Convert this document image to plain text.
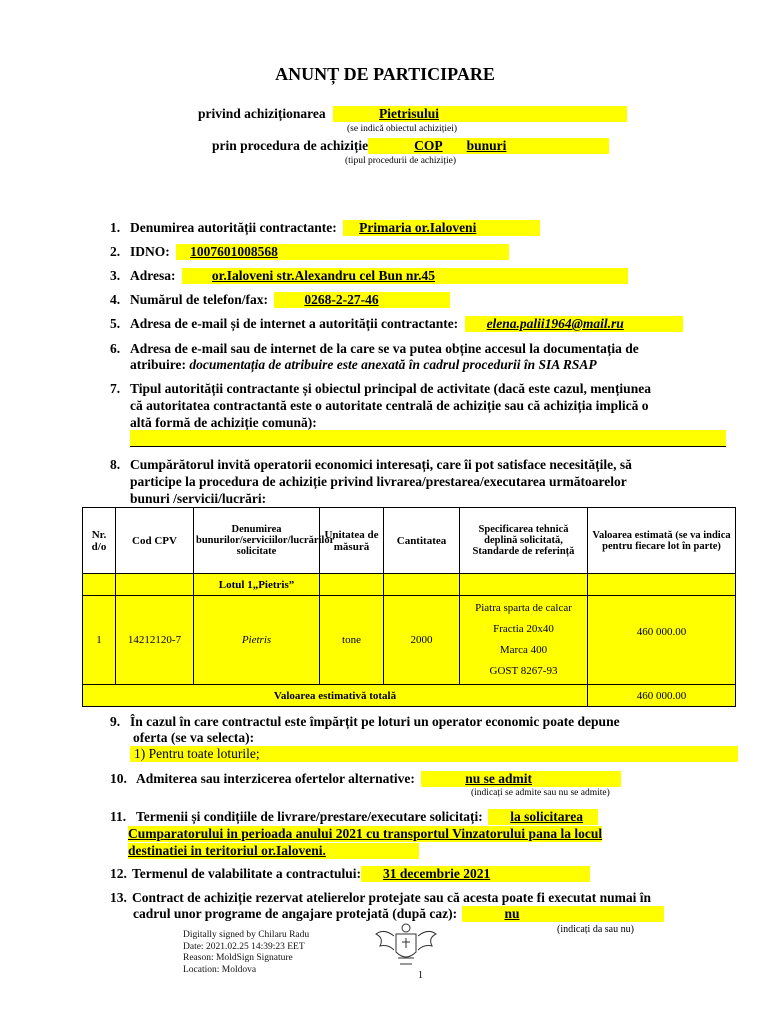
ANUNȚ DE PARTICIPARE
privind achiziționarea	Pietrisului
(se indică obiectul achiziției)
prin procedura de achiziție	COP bunuri
(tipul procedurii de achiziție)
1. Denumirea autorității contractante: Primaria or.Ialoveni
2. IDNO: 1007601008568
3. Adresa:	or.Ialoveni str.Alexandru cel Bun nr.45
4. Numărul de telefon/fax:	0268-2-27-46
5. Adresa de e-mail și de internet a autorității contractante: elena.palii1964@mail.ru
6. Adresa de e-mail sau de internet de la care se va putea obține accesul la documentația de
atribuire: documentația de atribuire este anexată în cadrul procedurii în SIA RSAP
7. Tipul autorității contractante și obiectul principal de activitate (dacă este cazul, mențiunea
că autoritatea contractantă este o autoritate centrală de achiziție sau că achiziția implică o
altă formă de achiziție comună):
8. Cumpărătorul invită operatorii economici interesați, care îi pot satisface necesitățile, să
participe la procedura de achiziție privind livrarea/prestarea/executarea următoarelor
bunuri /servicii/lucrări:
Nr. d/o	Cod CPV	Denumirea bunurilor/serviciilor/lucrărilor solicitate	Unitatea de măsură	Cantitatea	Specificarea tehnică deplină solicitată, Standarde de referință	Valoarea estimată (se va indica pentru fiecare lot în parte)
		Lotul 1„Pietris”				
1	14212120-7	Pietris	tone	2000	Piatra sparta de calcar
Fractia 20x40
Marca 400
GOST 8267-93	460 000.00
Valoarea estimativă totală						460 000.00
9. În cazul în care contractul este împărțit pe loturi un operator economic poate depune
oferta (se va selecta):
1) Pentru toate loturile;
10. Admiterea sau interzicerea ofertelor alternative:	nu se admit
(indicați se admite sau nu se admite)
11. Termenii și condițiile de livrare/prestare/executare solicitați: la solicitarea
Cumparatorului in perioada anului 2021 cu transportul Vinzatorului pana la locul
destinatiei in teritoriul or.Ialoveni.
12. Termenul de valabilitate a contractului: 31 decembrie 2021
13. Contract de achiziție rezervat atelierelor protejate sau că acesta poate fi executat numai în
cadrul unor programe de angajare protejată (după caz):	nu
(indicați da sau nu)
Digitally signed by Chilaru Radu
Date: 2021.02.25 14:39:23 EET
Reason: MoldSign Signature
Location: Moldova
1
